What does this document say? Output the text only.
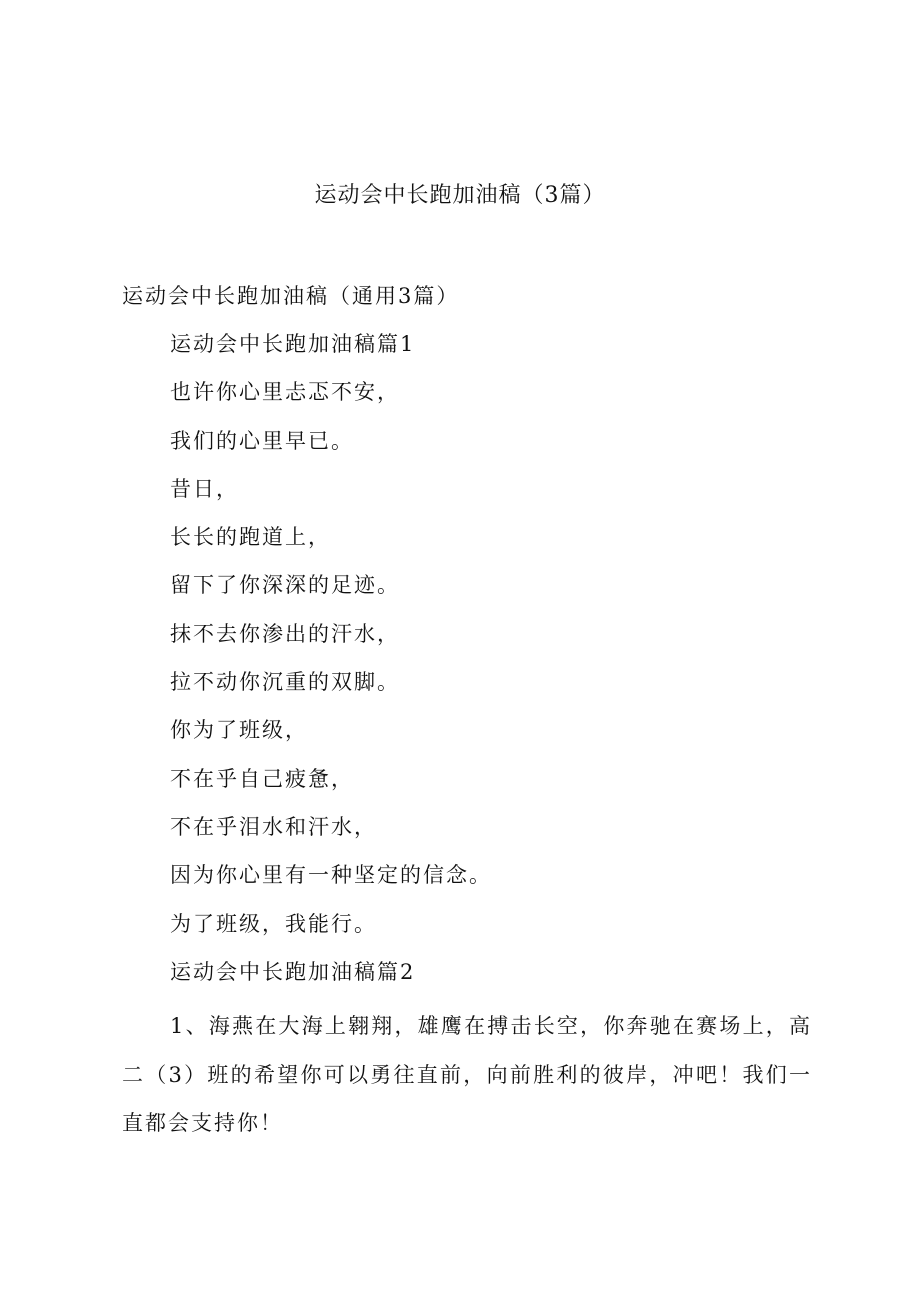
运动会中长跑加油稿（3篇）
运动会中长跑加油稿（通用3篇）
运动会中长跑加油稿篇1
也许你心里忐忑不安，
我们的心里早已。
昔日，
长长的跑道上，
留下了你深深的足迹。
抹不去你渗出的汗水，
拉不动你沉重的双脚。
你为了班级，
不在乎自己疲惫，
不在乎泪水和汗水，
因为你心里有一种坚定的信念。
为了班级，我能行。
运动会中长跑加油稿篇2

1、海燕在大海上翱翔，雄鹰在搏击长空，你奔驰在赛场上，高二（3）班的希望你可以勇往直前，向前胜利的彼岸，冲吧！我们一直都会支持你！
